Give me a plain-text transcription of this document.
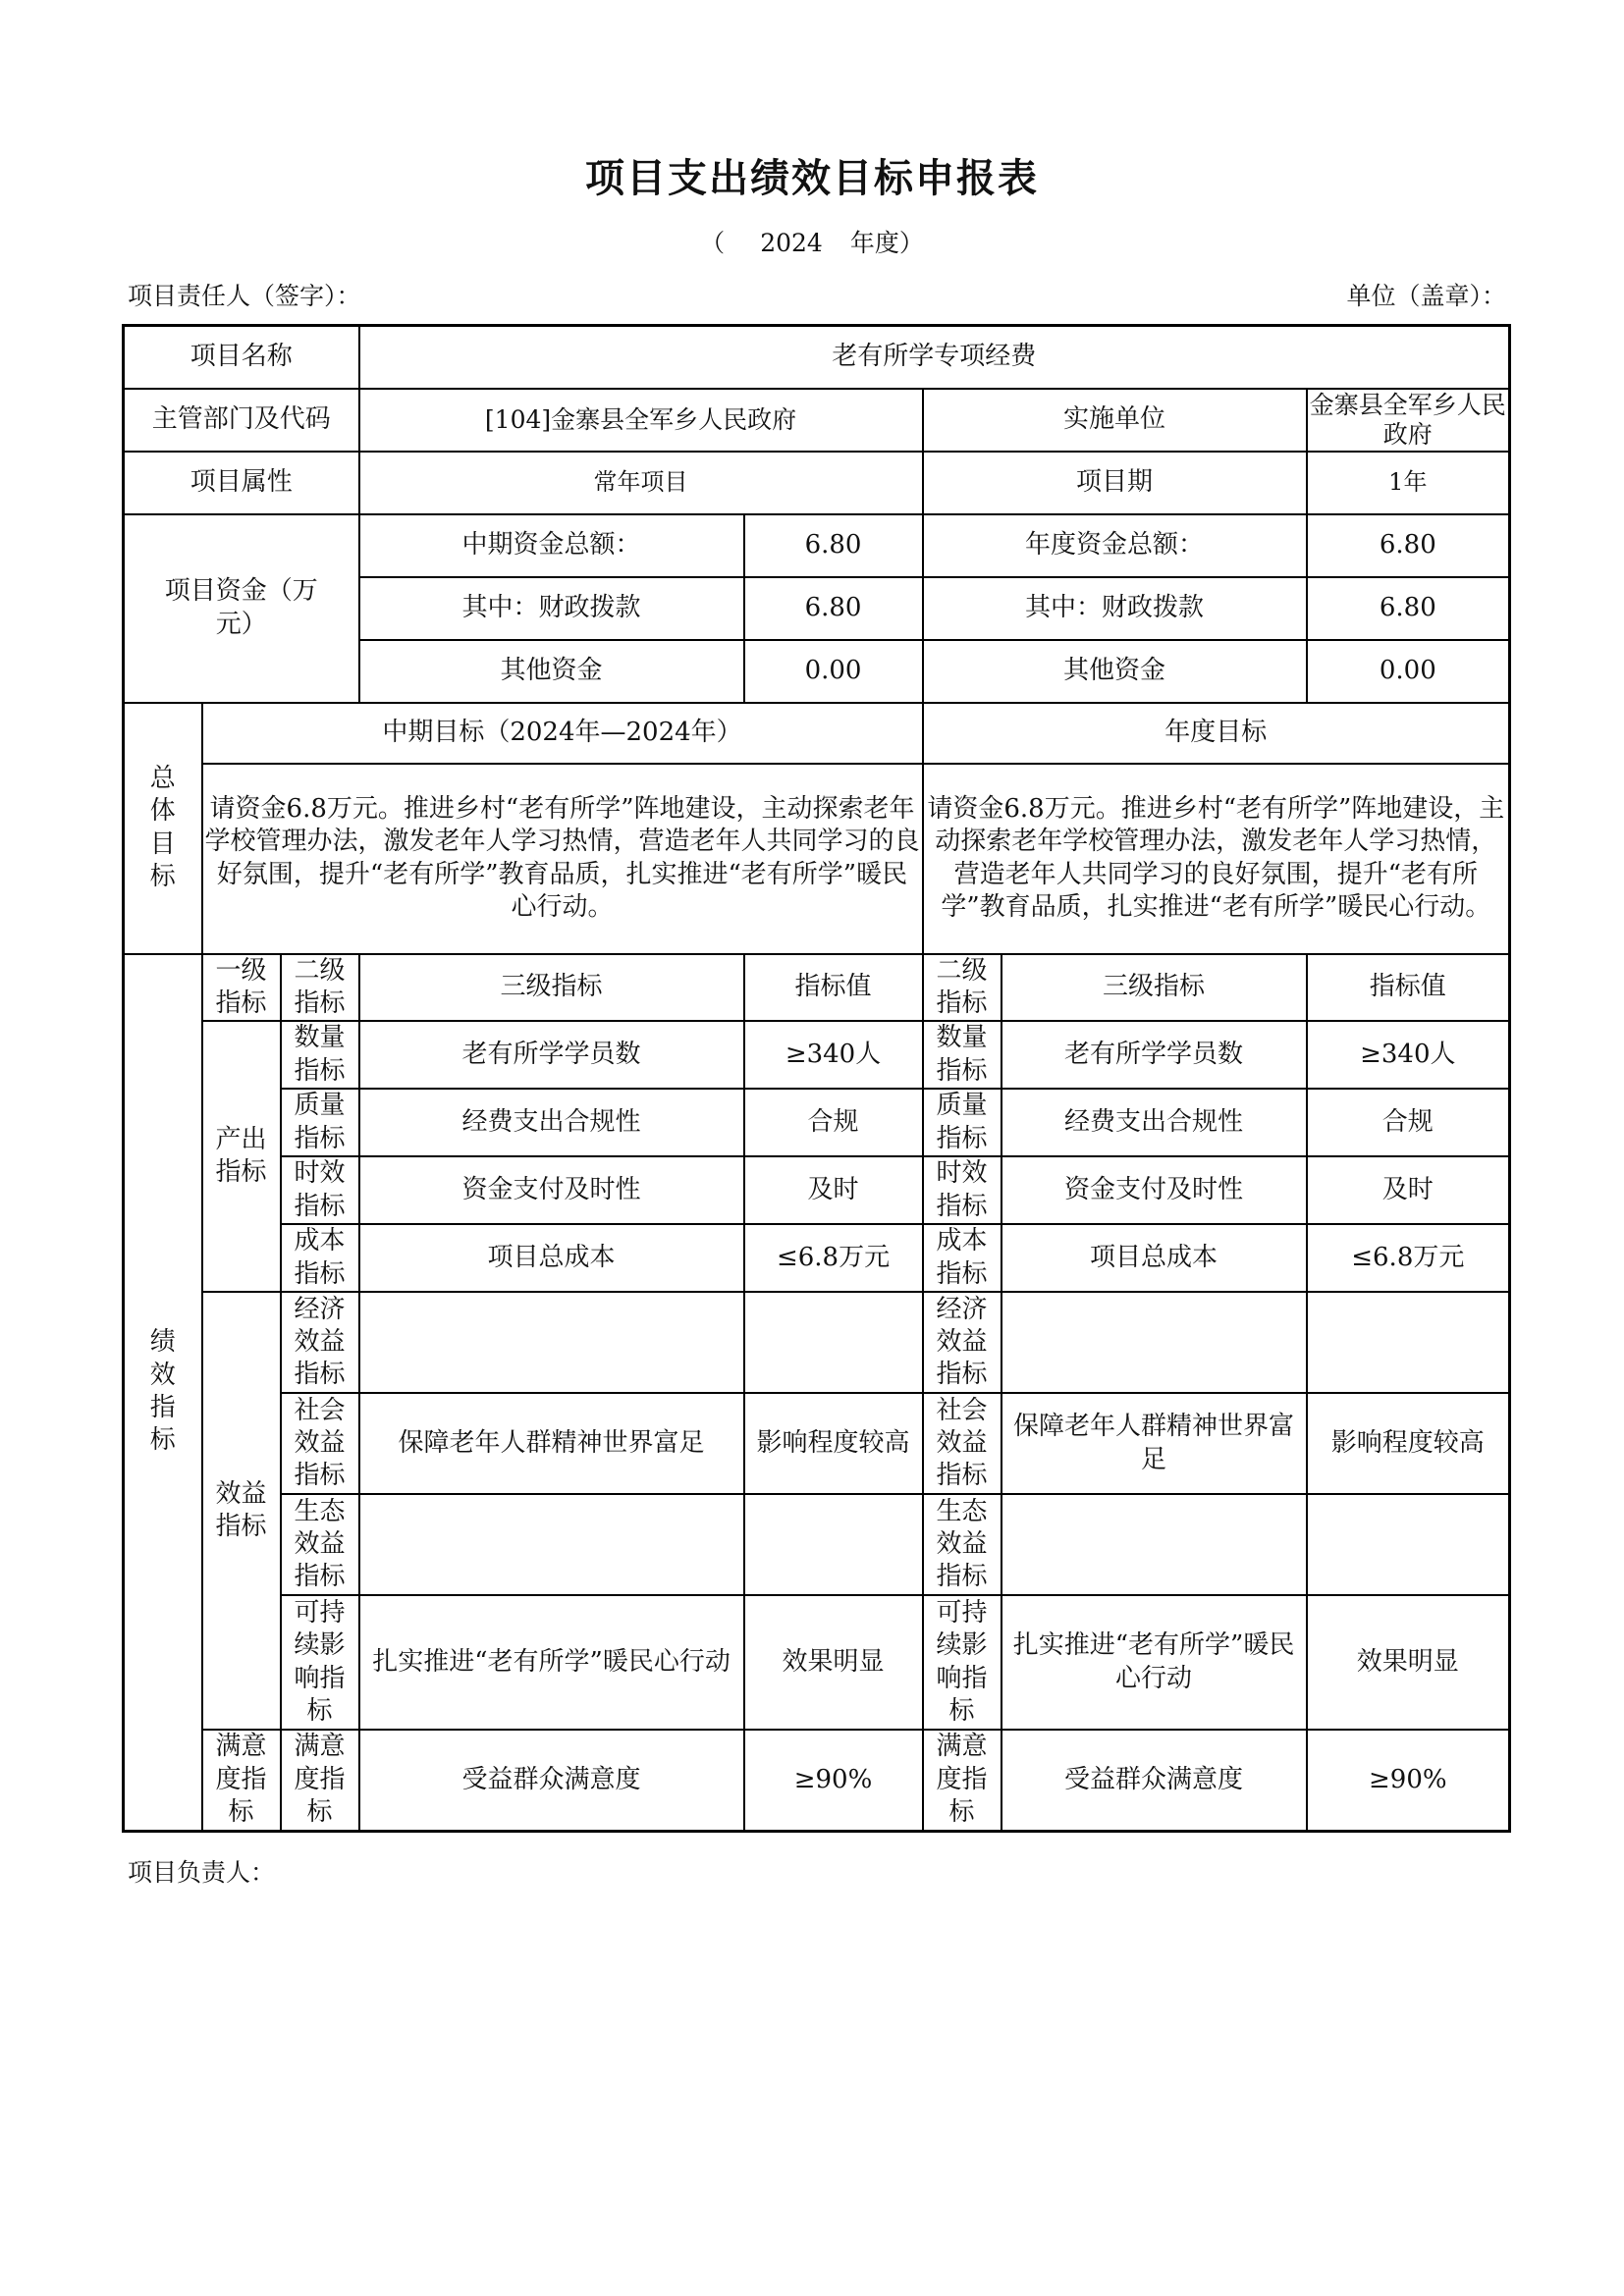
项目支出绩效目标申报表
（ 2024 年度）
项目责任人（签字）：	单位（盖章）：
项目名称			老有所学专项经费				
主管部门及代码			[104]金寨县全军乡人民政府		实施单位		金寨县全军乡人民政府
项目属性			常年项目		项目期		1年
项目资金（万元）			中期资金总额：	6.80	年度资金总额：		6.80
			其中：财政拨款	6.80	其中：财政拨款		6.80
			其他资金	0.00	其他资金		0.00
总体目标	中期目标（2024年—2024年）				年度目标		
	请资金6.8万元。推进乡村“老有所学”阵地建设，主动探索老年学校管理办法，激发老年人学习热情，营造老年人共同学习的良好氛围，提升“老有所学”教育品质，扎实推进“老有所学”暖民心行动。				请资金6.8万元。推进乡村“老有所学”阵地建设，主动探索老年学校管理办法，激发老年人学习热情，营造老年人共同学习的良好氛围，提升“老有所学”教育品质，扎实推进“老有所学”暖民心行动。		
绩效指标	一级指标	二级指标	三级指标	指标值	二级指标	三级指标	指标值
	产出指标	数量指标	老有所学学员数	≥340人	数量指标	老有所学学员数	≥340人
		质量指标	经费支出合规性	合规	质量指标	经费支出合规性	合规
		时效指标	资金支付及时性	及时	时效指标	资金支付及时性	及时
		成本指标	项目总成本	≤6.8万元	成本指标	项目总成本	≤6.8万元
	效益指标	经济效益指标			经济效益指标		
		社会效益指标	保障老年人群精神世界富足	影响程度较高	社会效益指标	保障老年人群精神世界富足	影响程度较高
		生态效益指标			生态效益指标		
		可持续影响指标	扎实推进“老有所学”暖民心行动	效果明显	可持续影响指标	扎实推进“老有所学”暖民心行动	效果明显
	满意度指标	满意度指标	受益群众满意度	≥90%	满意度指标	受益群众满意度	≥90%
项目负责人：
